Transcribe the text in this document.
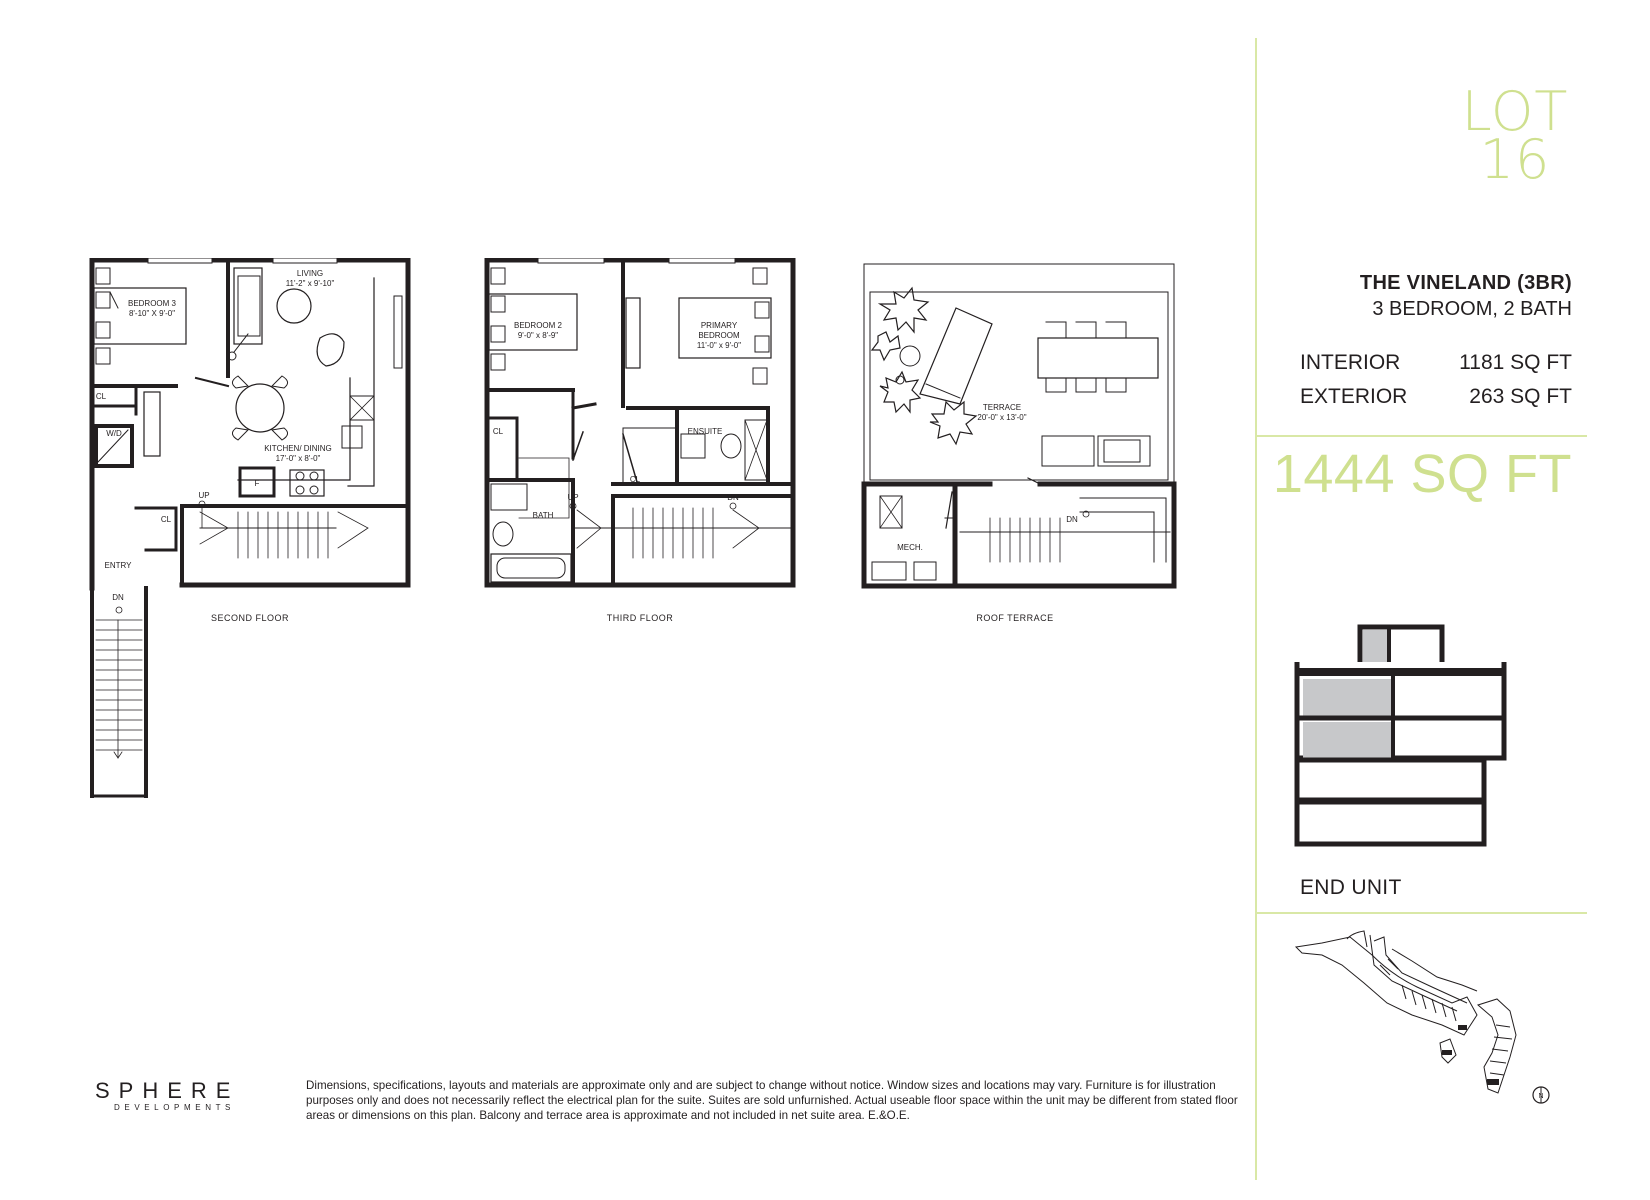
LOT
16
THE VINELAND (3BR)
3 BEDROOM, 2 BATH
INTERIOR	1181 SQ FT
EXTERIOR	263 SQ FT
1444 SQ FT
END UNIT
N
BEDROOM 3
8'-10" X 9'-0"
LIVING
11'-2" x 9'-10"
KITCHEN/ DINING
17'-0" x 8'-0"
CL
W/D
F
CL
UP
ENTRY
DN
SECOND FLOOR
BEDROOM 2
9'-0" x 8'-9"
PRIMARY
BEDROOM
11'-0" x 9'-0"
ENSUITE
BATH
CL
CL
UP	DN
THIRD FLOOR
TERRACE
20'-0" x 13'-0"
MECH.
DN
ROOF TERRACE
SPHERE
DEVELOPMENTS
Dimensions, specifications, layouts and materials are approximate only and are subject to change without notice. Window sizes and locations may vary. Furniture is for illustration purposes only and does not necessarily reflect the electrical plan for the suite. Suites are sold unfurnished. Actual useable floor space within the unit may be different from stated floor areas or dimensions on this plan. Balcony and terrace area is approximate and not included in net suite area. E.&O.E.
